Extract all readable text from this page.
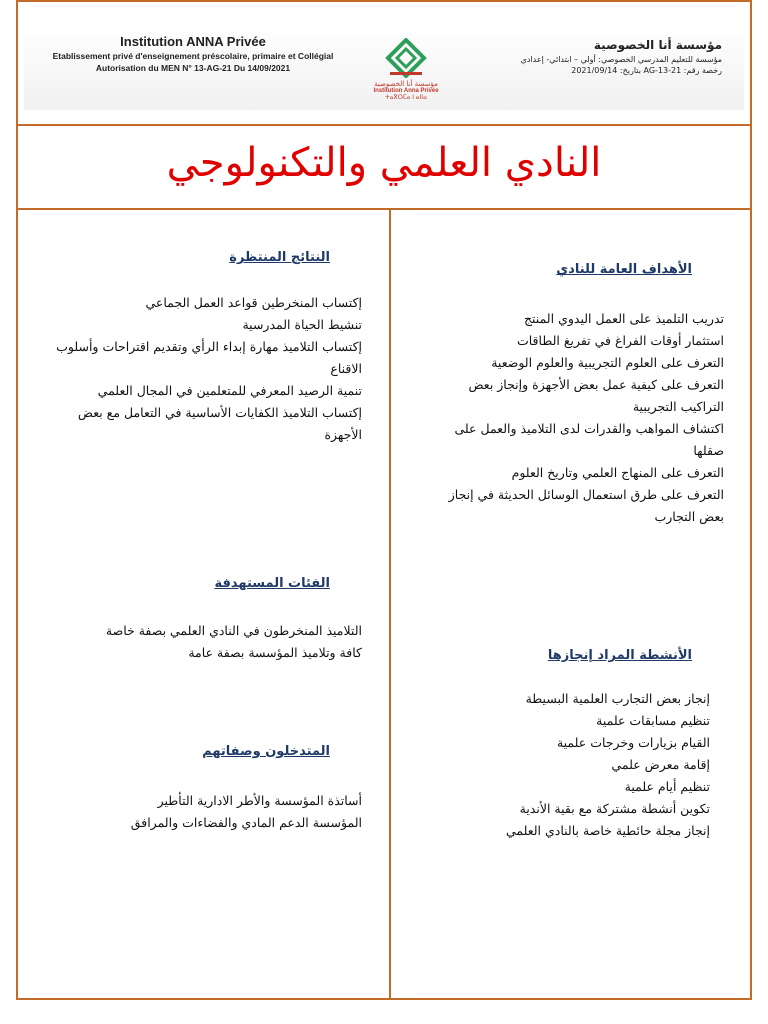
Institution ANNA Privée
Etablissement privé d'enseignement préscolaire, primaire et Collégial
Autorisation du MEN N° 13-AG-21 Du 14/09/2021
مؤسسة أنا الخصوصية
Institution Anna Privée
ⵜⴰⴳⵔⵎⴰ ⵏ ⴰⵏⵏⴰ
مؤسسة أنا الخصوصية
مؤسسة للتعليم المدرسي الخصوصي: أولي – ابتدائي- إعدادي
رخصة رقم: 21-AG-13 بتاريخ: 2021/09/14
النادي العلمي والتكنولوجي
الأهداف العامة للنادي
تدريب التلميذ على العمل اليدوي المنتج
استثمار أوقات الفراغ في تفريغ الطاقات
التعرف على العلوم التجريبية والعلوم الوضعية
التعرف على كيفية عمل بعض الأجهزة وإنجاز بعض
التراكيب التجريبية
اكتشاف المواهب والقدرات لدى التلاميذ والعمل على
صقلها
التعرف على المنهاج العلمي وتاريخ العلوم
التعرف على طرق استعمال الوسائل الحديثة في إنجاز
بعض التجارب
الأنشطة المراد إنجازها
إنجاز بعض التجارب العلمية البسيطة
تنظيم مسابقات علمية
القيام بزيارات وخرجات علمية
إقامة معرض علمي
تنظيم أيام علمية
تكوين أنشطة مشتركة مع بقية الأندية
إنجاز مجلة حائطية خاصة بالنادي العلمي
النتائج المنتظرة
إكتساب المنخرطين قواعد العمل الجماعي
تنشيط الحياة المدرسية
إكتساب التلاميذ مهارة إبداء الرأي وتقديم اقتراحات وأسلوب
الاقناع
تنمية الرصيد المعرفي للمتعلمين في المجال العلمي
إكتساب التلاميذ الكفايات الأساسية في التعامل مع بعض
الأجهزة
الفئات المستهدفة
التلاميذ المنخرطون في النادي العلمي بصفة خاصة
كافة وتلاميذ المؤسسة بصفة عامة
المتدخلون وصفاتهم
أساتذة المؤسسة والأطر الادارية التأطير
المؤسسة الدعم المادي والفضاءات والمرافق
